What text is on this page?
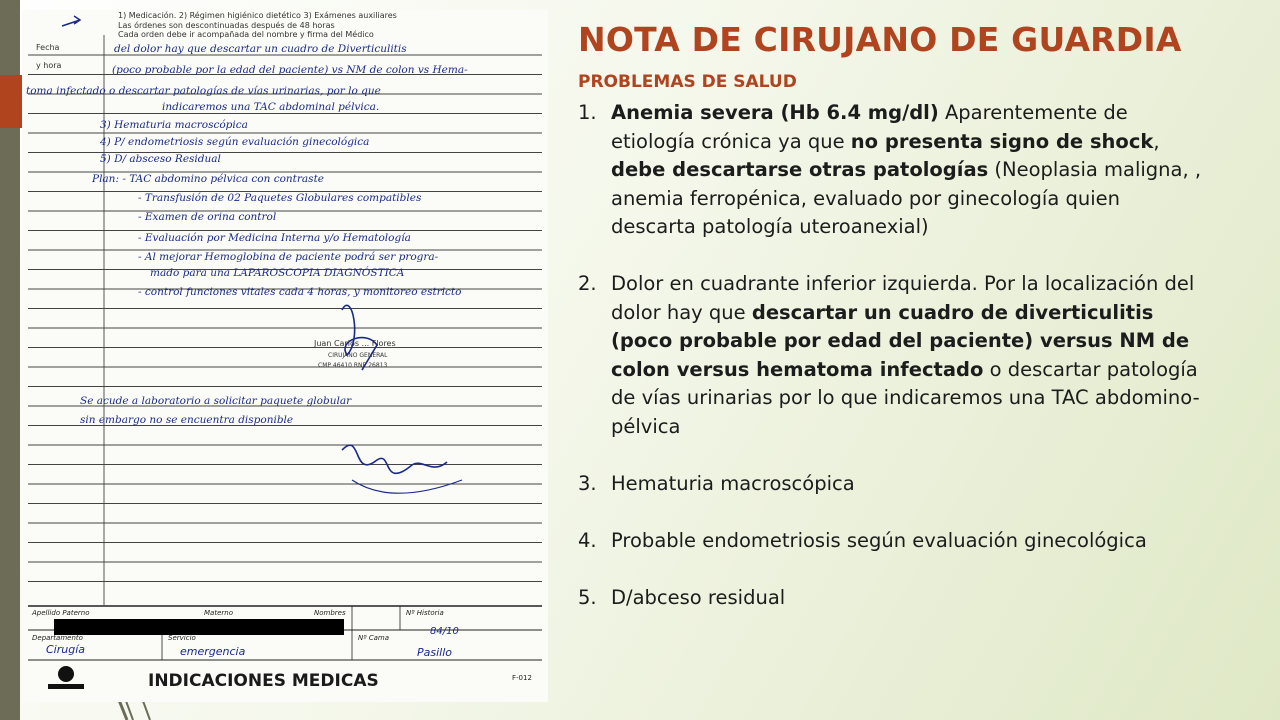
1) Medicación. 2) Régimen higiénico dietético 3) Exámenes auxiliares
Las órdenes son descontinuadas después de 48 horas
Cada orden debe ir acompañada del nombre y firma del Médico
Fecha
y hora
del dolor hay que descartar un cuadro de Diverticulitis
(poco probable por la edad del paciente) vs NM de colon vs Hema-
toma infectado o descartar patologías de vías urinarias, por lo que
indicaremos una TAC abdominal pélvica.
3) Hematuria macroscópica
4) P/ endometriosis según evaluación ginecológica
5) D/ absceso Residual
Plan: - TAC abdomino pélvica con contraste
- Transfusión de 02 Paquetes Globulares compatibles
- Examen de orina control
- Evaluación por Medicina Interna y/o Hematología
- Al mejorar Hemoglobina de paciente podrá ser progra-
mado para una LAPAROSCOPIA DIAGNÓSTICA
- control funciones vitales cada 4 horas, y monitoreo estricto
Se acude a laboratorio a solicitar paquete globular
sin embargo no se encuentra disponible
Juan Carlos ... Flores
CIRUJANO GENERAL
CMP 46410 RNE 26813
Apellido Paterno	Materno	Nombres	Nº Historia
84/10
Departamento
Cirugía
Servicio
emergencia
Nº Cama
Pasillo
INDICACIONES MEDICAS	F-012
NOTA DE CIRUJANO DE GUARDIA
PROBLEMAS DE SALUD
1. Anemia severa (Hb 6.4 mg/dl) Aparentemente de etiología crónica ya que no presenta signo de shock, debe descartarse otras patologías (Neoplasia maligna, , anemia ferropénica, evaluado por ginecología quien descarta patología uteroanexial)
2. Dolor en cuadrante inferior izquierda. Por la localización del dolor hay que descartar un cuadro de diverticulitis (poco probable por edad del paciente) versus NM de colon versus hematoma infectado o descartar patología de vías urinarias por lo que indicaremos una TAC abdomino-pélvica
3. Hematuria macroscópica
4. Probable endometriosis según evaluación ginecológica
5. D/abceso residual
